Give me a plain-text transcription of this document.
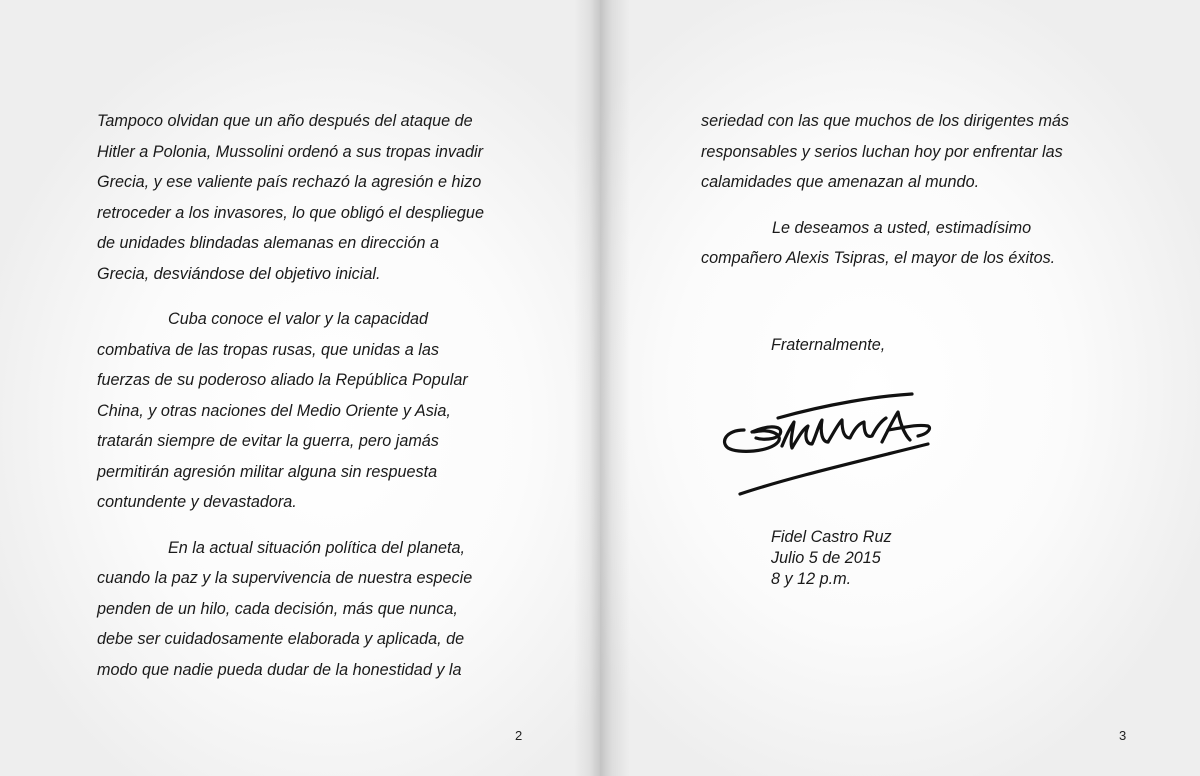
Tampoco olvidan que un año después del ataque de
Hitler a Polonia, Mussolini ordenó a sus tropas invadir
Grecia, y ese valiente país rechazó la agresión e hizo
retroceder a los invasores, lo que obligó el despliegue
de unidades blindadas alemanas en dirección a
Grecia, desviándose del objetivo inicial.

Cuba conoce el valor y la capacidad
combativa de las tropas rusas, que unidas a las
fuerzas de su poderoso aliado la República Popular
China, y otras naciones del Medio Oriente y Asia,
tratarán siempre de evitar la guerra, pero jamás
permitirán agresión militar alguna sin respuesta
contundente y devastadora.

En la actual situación política del planeta,
cuando la paz y la supervivencia de nuestra especie
penden de un hilo, cada decisión, más que nunca,
debe ser cuidadosamente elaborada y aplicada, de
modo que nadie pueda dudar de la honestidad y la

2

seriedad con las que muchos de los dirigentes más
responsables y serios luchan hoy por enfrentar las
calamidades que amenazan al mundo.

Le deseamos a usted, estimadísimo
compañero Alexis Tsipras, el mayor de los éxitos.

Fraternalmente,
Fidel Castro Ruz
Julio 5 de 2015
8 y 12 p.m.
3
